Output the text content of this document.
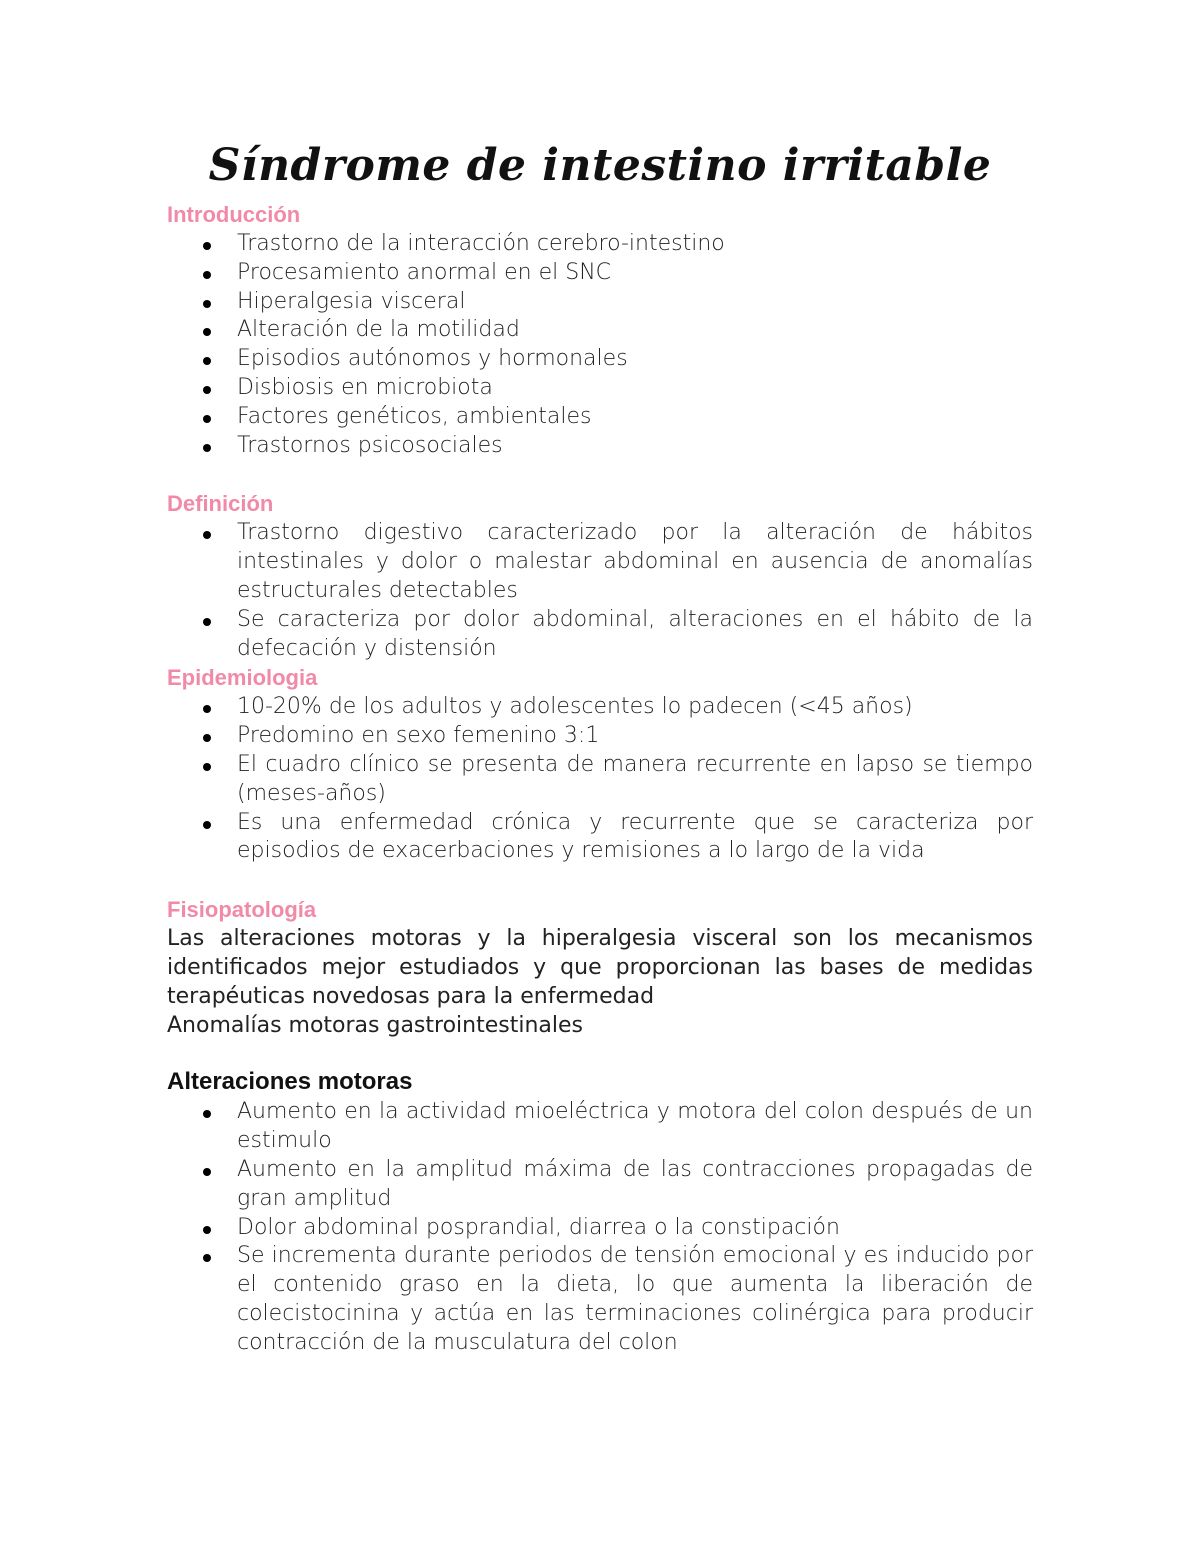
Síndrome de intestino irritable
Introducción
Trastorno de la interacción cerebro-intestino
Procesamiento anormal en el SNC
Hiperalgesia visceral
Alteración de la motilidad
Episodios autónomos y hormonales
Disbiosis en microbiota
Factores genéticos, ambientales
Trastornos psicosociales
Definición
Trastorno digestivo caracterizado por la alteración de hábitos intestinales y dolor o malestar abdominal en ausencia de anomalías estructurales detectables
Se caracteriza por dolor abdominal, alteraciones en el hábito de la defecación y distensión
Epidemiologia
10-20% de los adultos y adolescentes lo padecen (<45 años)
Predomino en sexo femenino 3:1
El cuadro clínico se presenta de manera recurrente en lapso se tiempo (meses-años)
Es una enfermedad crónica y recurrente que se caracteriza por episodios de exacerbaciones y remisiones a lo largo de la vida
Fisiopatología

Las alteraciones motoras y la hiperalgesia visceral son los mecanismos identificados mejor estudiados y que proporcionan las bases de medidas terapéuticas novedosas para la enfermedad

Anomalías motoras gastrointestinales

Alteraciones motoras
Aumento en la actividad mioeléctrica y motora del colon después de un estimulo
Aumento en la amplitud máxima de las contracciones propagadas de gran amplitud
Dolor abdominal posprandial, diarrea o la constipación
Se incrementa durante periodos de tensión emocional y es inducido por el contenido graso en la dieta, lo que aumenta la liberación de colecistocinina y actúa en las terminaciones colinérgica para producir contracción de la musculatura del colon
